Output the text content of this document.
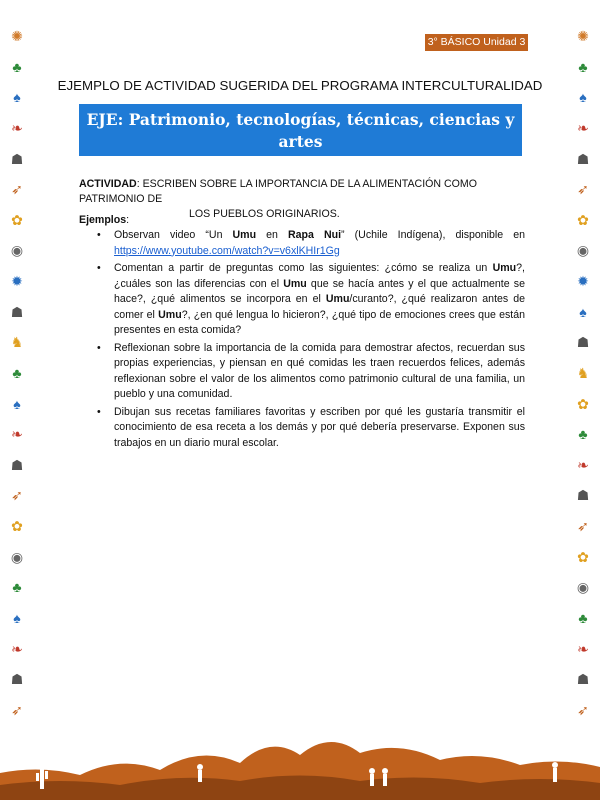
3° BÁSICO Unidad 3
✺
♣
♠
❧
☗
➶
✿
◉
✹
☗
♞
♣
♠
❧
☗
➶
✿
◉
♣
♠
❧
☗
➶
✺
♣
♠
❧
☗
➶
✿
◉
✹
♠
☗
♞
✿
♣
❧
☗
➶
✿
◉
♣
❧
☗
➶
EJEMPLO DE ACTIVIDAD SUGERIDA DEL PROGRAMA INTERCULTURALIDAD
EJE: Patrimonio, tecnologías, técnicas, ciencias y artes
ancestrales.
ACTIVIDAD: ESCRIBEN SOBRE LA IMPORTANCIA DE LA ALIMENTACIÓN COMO PATRIMONIO DE
LOS PUEBLOS ORIGINARIOS.
Ejemplos:
• Observan video “Un Umu en Rapa Nui” (Uchile Indígena), disponible en https://www.youtube.com/watch?v=v6xlKHIr1Gg
• Comentan a partir de preguntas como las siguientes: ¿cómo se realiza un Umu?, ¿cuáles son las diferencias con el Umu que se hacía antes y el que actualmente se hace?, ¿qué alimentos se incorpora en el Umu/curanto?, ¿qué realizaron antes de comer el Umu?, ¿en qué lengua lo hicieron?, ¿qué tipo de emociones crees que están presentes en esta comida?
• Reflexionan sobre la importancia de la comida para demostrar afectos, recuerdan sus propias experiencias, y piensan en qué comidas les traen recuerdos felices, además reflexionan sobre el valor de los alimentos como patrimonio cultural de una familia, un pueblo y una comunidad.
• Dibujan sus recetas familiares favoritas y escriben por qué les gustaría transmitir el conocimiento de esa receta a los demás y por qué debería preservarse. Exponen sus trabajos en un diario mural escolar.
